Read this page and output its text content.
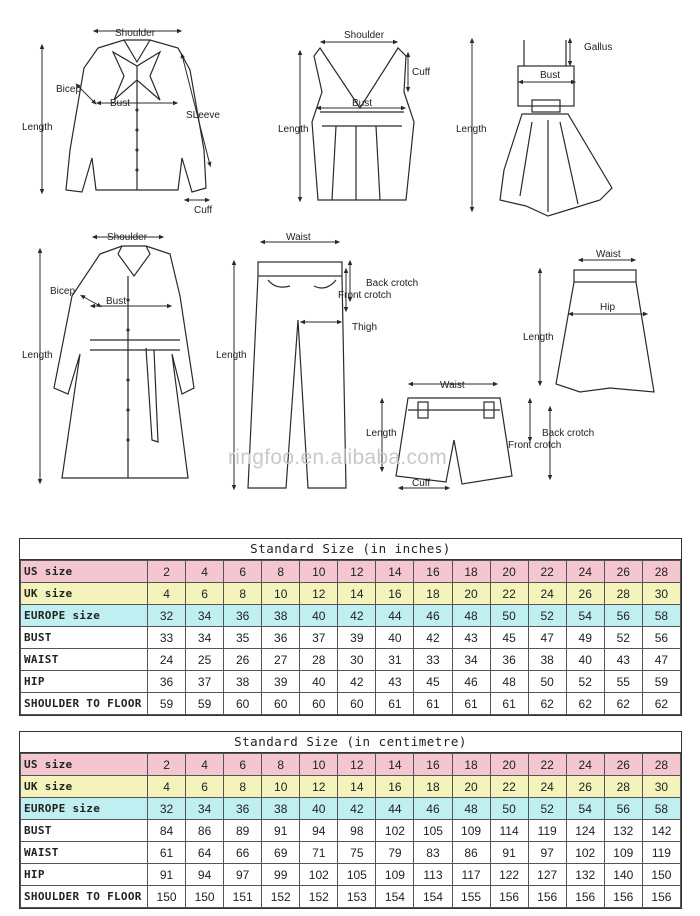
Shoulder
Bicep
Bust
SLeeve
Length
Cuff
Shoulder
Cuff
Bust
Length
Gallus
Bust
Length
Shoulder
Bicep
Bust
Length
Waist
Back crotch
Front crotch
Thigh
Length
Waist
Hip
Length
Waist
Length	Back crotch
Front crotch
Cuff
ringfoo.en.alibaba.com
Standard Size (in inches)
US size	2	4	6	8	10	12	14	16	18	20	22	24	26	28
UK size	4	6	8	10	12	14	16	18	20	22	24	26	28	30
EUROPE size	32	34	36	38	40	42	44	46	48	50	52	54	56	58
BUST	33	34	35	36	37	39	40	42	43	45	47	49	52	56
WAIST	24	25	26	27	28	30	31	33	34	36	38	40	43	47
HIP	36	37	38	39	40	42	43	45	46	48	50	52	55	59
SHOULDER TO FLOOR	59	59	60	60	60	60	61	61	61	61	62	62	62	62
Standard Size (in centimetre)
US size	2	4	6	8	10	12	14	16	18	20	22	24	26	28
UK size	4	6	8	10	12	14	16	18	20	22	24	26	28	30
EUROPE size	32	34	36	38	40	42	44	46	48	50	52	54	56	58
BUST	84	86	89	91	94	98	102	105	109	114	119	124	132	142
WAIST	61	64	66	69	71	75	79	83	86	91	97	102	109	119
HIP	91	94	97	99	102	105	109	113	117	122	127	132	140	150
SHOULDER TO FLOOR	150	150	151	152	152	153	154	154	155	156	156	156	156	156
